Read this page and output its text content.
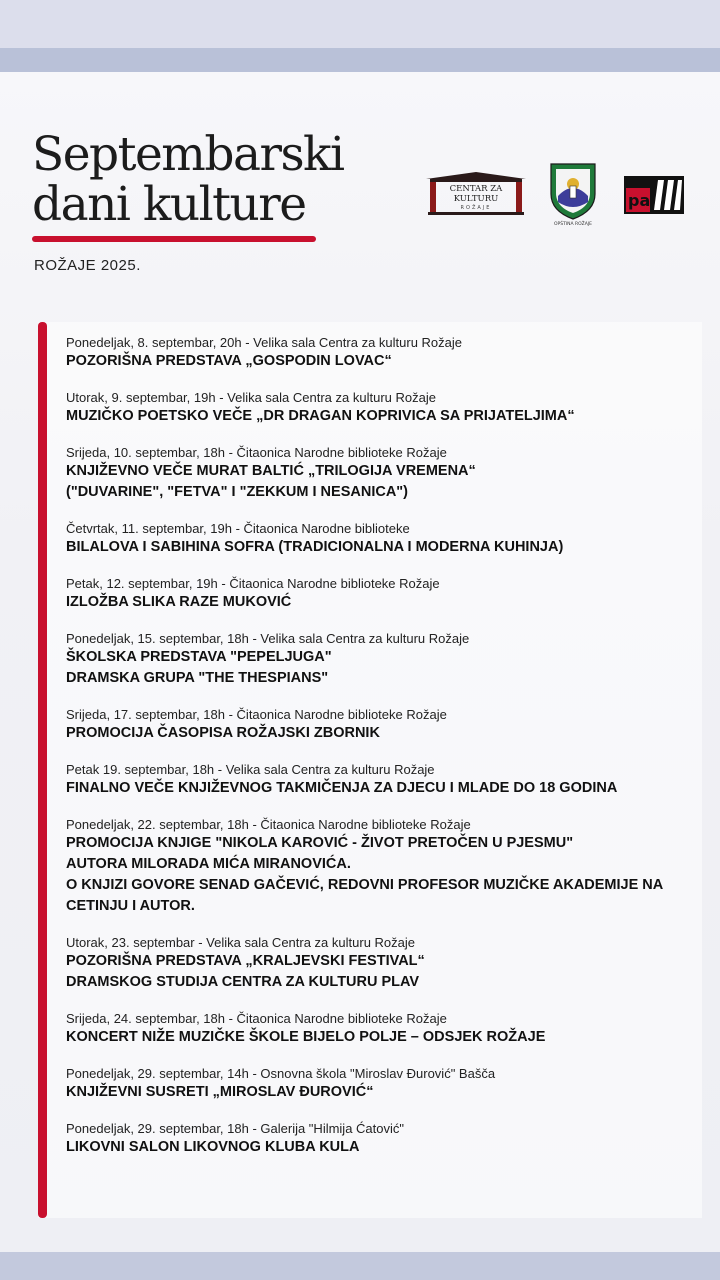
Septembarski
dani kulture
ROŽAJE 2025.
CENTAR ZA
KULTURU
ROŽAJE
OPŠTINA ROŽAJE
pa
Ponedeljak, 8. septembar, 20h - Velika sala Centra za kulturu Rožaje
POZORIŠNA PREDSTAVA „GOSPODIN LOVAC“
Utorak, 9. septembar, 19h - Velika sala Centra za kulturu Rožaje
MUZIČKO POETSKO VEČE „DR DRAGAN KOPRIVICA SA PRIJATELJIMA“
Srijeda, 10. septembar, 18h - Čitaonica Narodne biblioteke Rožaje
KNJIŽEVNO VEČE MURAT BALTIĆ „TRILOGIJA VREMENA“
("DUVARINE", "FETVA" I "ZEKKUM I NESANICA")
Četvrtak, 11. septembar, 19h - Čitaonica Narodne biblioteke
BILALOVA I SABIHINA SOFRA (TRADICIONALNA I MODERNA KUHINJA)
Petak, 12. septembar, 19h - Čitaonica Narodne biblioteke Rožaje
IZLOŽBA SLIKA RAZE MUKOVIĆ
Ponedeljak, 15. septembar, 18h - Velika sala Centra za kulturu Rožaje
ŠKOLSKA PREDSTAVA "PEPELJUGA"
DRAMSKA GRUPA "THE THESPIANS"
Srijeda, 17. septembar, 18h - Čitaonica Narodne biblioteke Rožaje
PROMOCIJA ČASOPISA ROŽAJSKI ZBORNIK
Petak 19. septembar, 18h - Velika sala Centra za kulturu Rožaje
FINALNO VEČE KNJIŽEVNOG TAKMIČENJA ZA DJECU I MLADE DO 18 GODINA
Ponedeljak, 22. septembar, 18h - Čitaonica Narodne biblioteke Rožaje
PROMOCIJA KNJIGE "NIKOLA KAROVIĆ - ŽIVOT PRETOČEN U PJESMU"
AUTORA MILORADA MIĆA MIRANOVIĆA.
O KNJIZI GOVORE SENAD GAČEVIĆ, REDOVNI PROFESOR MUZIČKE AKADEMIJE NA CETINJU I AUTOR.
Utorak, 23. septembar - Velika sala Centra za kulturu Rožaje
POZORIŠNA PREDSTAVA „KRALJEVSKI FESTIVAL“
DRAMSKOG STUDIJA CENTRA ZA KULTURU PLAV
Srijeda, 24. septembar, 18h - Čitaonica Narodne biblioteke Rožaje
KONCERT NIŽE MUZIČKE ŠKOLE BIJELO POLJE – ODSJEK ROŽAJE
Ponedeljak, 29. septembar, 14h - Osnovna škola "Miroslav Đurović" Bašča
KNJIŽEVNI SUSRETI „MIROSLAV ĐUROVIĆ“
Ponedeljak, 29. septembar, 18h - Galerija "Hilmija Ćatović"
LIKOVNI SALON LIKOVNOG KLUBA KULA
